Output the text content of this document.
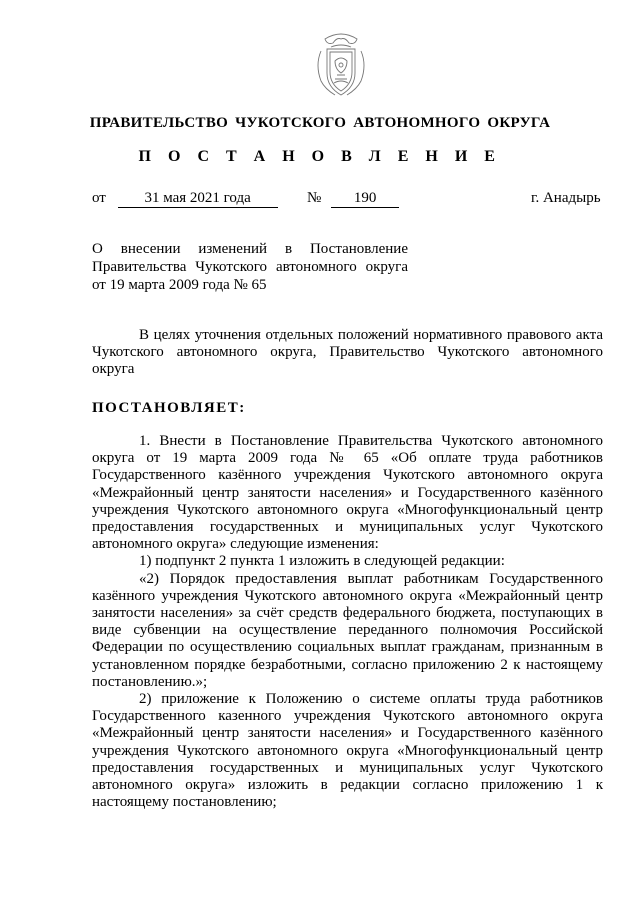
ПРАВИТЕЛЬСТВО ЧУКОТСКОГО АВТОНОМНОГО ОКРУГА
П О С Т А Н О В Л Е Н И Е
от	31 мая 2021 года	№ 190	г. Анадырь
О внесении изменений в Постановление
Правительства Чукотского автономного округа
от 19 марта 2009 года № 65
В целях уточнения отдельных положений нормативного правового акта
Чукотского автономного округа, Правительство Чукотского автономного
округа
ПОСТАНОВЛЯЕТ:
1. Внести в Постановление Правительства Чукотского автономного
округа от 19 марта 2009 года № 65 «Об оплате труда работников
Государственного казённого учреждения Чукотского автономного округа
«Межрайонный центр занятости населения» и Государственного казённого
учреждения Чукотского автономного округа «Многофункциональный центр
предоставления государственных и муниципальных услуг Чукотского
автономного округа» следующие изменения:
1) подпункт 2 пункта 1 изложить в следующей редакции:
«2) Порядок предоставления выплат работникам Государственного
казённого учреждения Чукотского автономного округа «Межрайонный центр
занятости населения» за счёт средств федерального бюджета, поступающих в
виде субвенции на осуществление переданного полномочия Российской
Федерации по осуществлению социальных выплат гражданам, признанным в
установленном порядке безработными, согласно приложению 2 к настоящему
постановлению.»;
2) приложение к Положению о системе оплаты труда работников
Государственного казенного учреждения Чукотского автономного округа
«Межрайонный центр занятости населения» и Государственного казённого
учреждения Чукотского автономного округа «Многофункциональный центр
предоставления государственных и муниципальных услуг Чукотского
автономного округа» изложить в редакции согласно приложению 1 к
настоящему постановлению;
